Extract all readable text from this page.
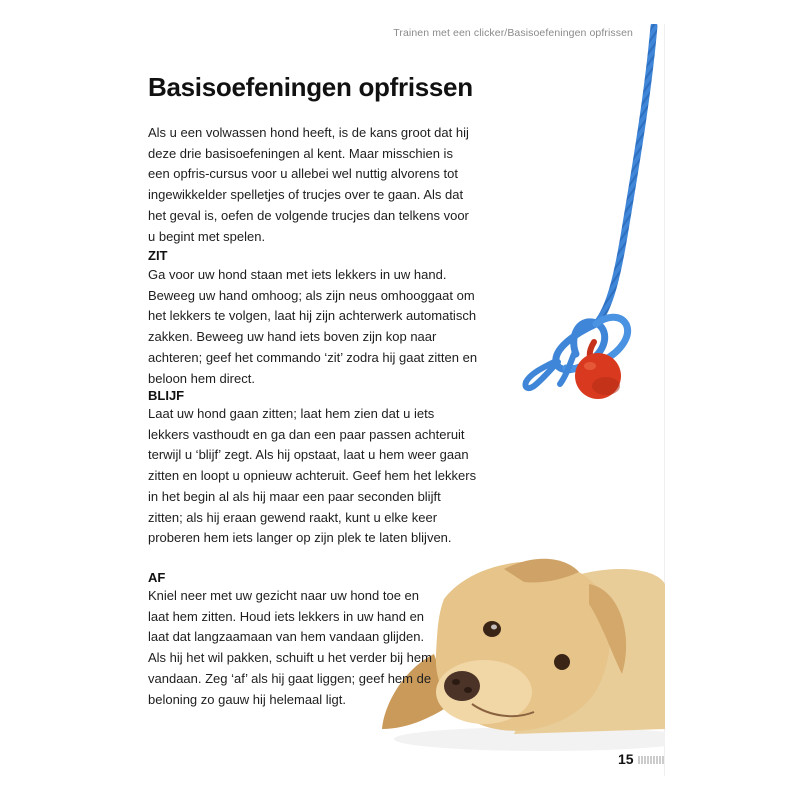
Trainen met een clicker/Basisoefeningen opfrissen
Basisoefeningen opfrissen

Als u een volwassen hond heeft, is de kans groot dat hij deze drie basisoefeningen al kent. Maar misschien is een opfris-cursus voor u allebei wel nuttig alvorens tot ingewikkelder spelletjes of trucjes over te gaan. Als dat het geval is, oefen de volgende trucjes dan telkens voor u begint met spelen.

ZIT

Ga voor uw hond staan met iets lekkers in uw hand. Beweeg uw hand omhoog; als zijn neus omhooggaat om het lekkers te volgen, laat hij zijn achterwerk automatisch zakken. Beweeg uw hand iets boven zijn kop naar achteren; geef het commando ‘zit’ zodra hij gaat zitten en beloon hem direct.

BLIJF

Laat uw hond gaan zitten; laat hem zien dat u iets lekkers vasthoudt en ga dan een paar passen achteruit terwijl u ‘blijf’ zegt. Als hij opstaat, laat u hem weer gaan zitten en loopt u opnieuw achteruit. Geef hem het lekkers in het begin al als hij maar een paar seconden blijft zitten; als hij eraan gewend raakt, kunt u elke keer proberen hem iets langer op zijn plek te laten blijven.

AF

Kniel neer met uw gezicht naar uw hond toe en laat hem zitten. Houd iets lekkers in uw hand en laat dat langzaamaan van hem vandaan glijden. Als hij het wil pakken, schuift u het verder bij hem vandaan. Zeg ‘af’ als hij gaat liggen; geef hem de beloning zo gauw hij helemaal ligt.

15
